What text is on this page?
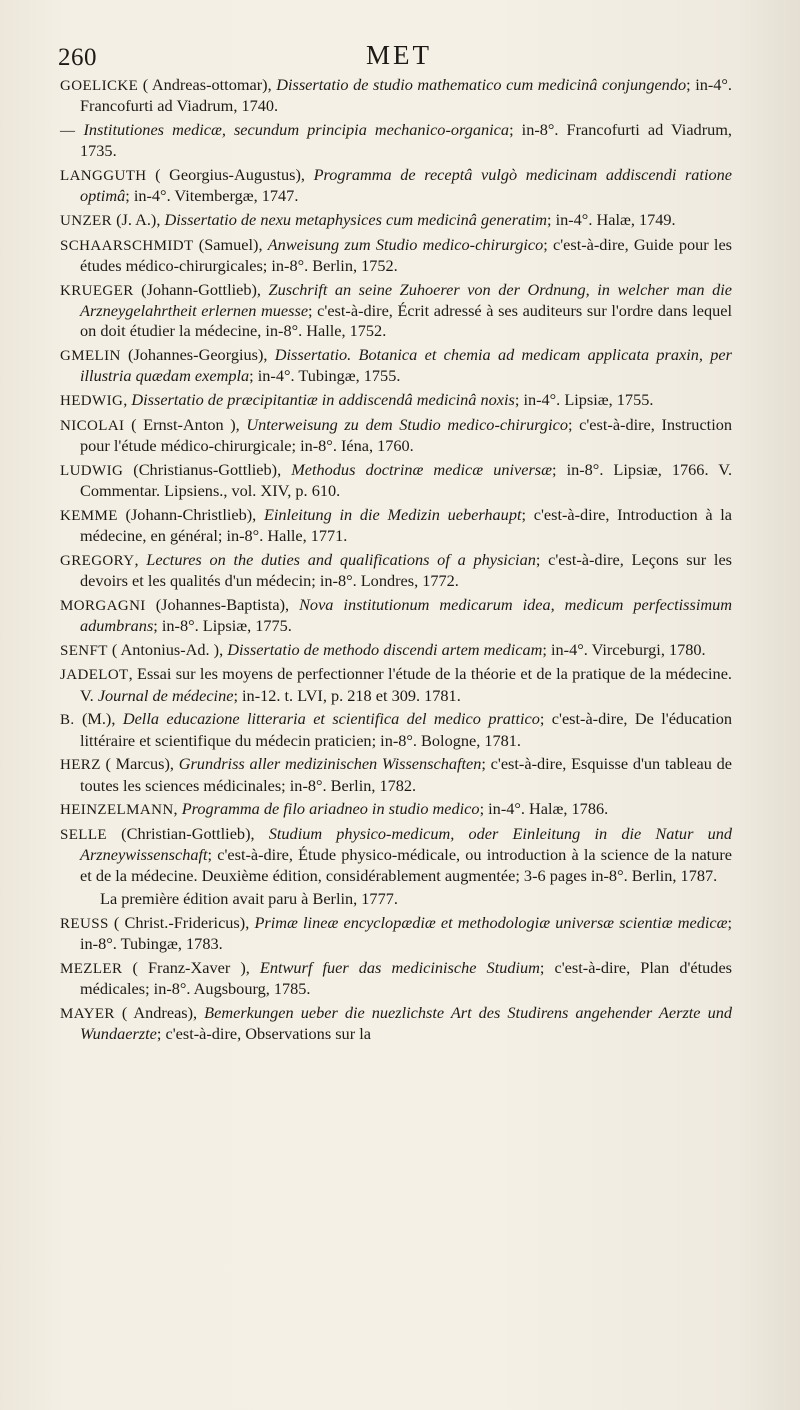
260	MET

GOELICKE ( Andreas-ottomar), Dissertatio de studio mathematico cum medicinâ conjungendo; in-4°. Francofurti ad Viadrum, 1740.

— Institutiones medicæ, secundum principia mechanico-organica; in-8°. Francofurti ad Viadrum, 1735.

LANGGUTH ( Georgius-Augustus), Programma de receptâ vulgò medicinam addiscendi ratione optimâ; in-4°. Vitembergæ, 1747.

UNZER (J. A.), Dissertatio de nexu metaphysices cum medicinâ generatim; in-4°. Halæ, 1749.

SCHAARSCHMIDT (Samuel), Anweisung zum Studio medico-chirurgico; c'est-à-dire, Guide pour les études médico-chirurgicales; in-8°. Berlin, 1752.

KRUEGER (Johann-Gottlieb), Zuschrift an seine Zuhoerer von der Ordnung, in welcher man die Arzneygelahrtheit erlernen muesse; c'est-à-dire, Écrit adressé à ses auditeurs sur l'ordre dans lequel on doit étudier la médecine, in-8°. Halle, 1752.

GMELIN (Johannes-Georgius), Dissertatio. Botanica et chemia ad medicam applicata praxin, per illustria quædam exempla; in-4°. Tubingæ, 1755.

HEDWIG, Dissertatio de præcipitantiæ in addiscendâ medicinâ noxis; in-4°. Lipsiæ, 1755.

NICOLAI ( Ernst-Anton ), Unterweisung zu dem Studio medico-chirurgico; c'est-à-dire, Instruction pour l'étude médico-chirurgicale; in-8°. Iéna, 1760.

LUDWIG (Christianus-Gottlieb), Methodus doctrinæ medicæ universæ; in-8°. Lipsiæ, 1766. V. Commentar. Lipsiens., vol. XIV, p. 610.

KEMME (Johann-Christlieb), Einleitung in die Medizin ueberhaupt; c'est-à-dire, Introduction à la médecine, en général; in-8°. Halle, 1771.

GREGORY, Lectures on the duties and qualifications of a physician; c'est-à-dire, Leçons sur les devoirs et les qualités d'un médecin; in-8°. Londres, 1772.

MORGAGNI (Johannes-Baptista), Nova institutionum medicarum idea, medicum perfectissimum adumbrans; in-8°. Lipsiæ, 1775.

SENFT ( Antonius-Ad. ), Dissertatio de methodo discendi artem medicam; in-4°. Virceburgi, 1780.

JADELOT, Essai sur les moyens de perfectionner l'étude de la théorie et de la pratique de la médecine. V. Journal de médecine; in-12. t. LVI, p. 218 et 309. 1781.

B. (M.), Della educazione litteraria et scientifica del medico prattico; c'est-à-dire, De l'éducation littéraire et scientifique du médecin praticien; in-8°. Bologne, 1781.

HERZ ( Marcus), Grundriss aller medizinischen Wissenschaften; c'est-à-dire, Esquisse d'un tableau de toutes les sciences médicinales; in-8°. Berlin, 1782.

HEINZELMANN, Programma de filo ariadneo in studio medico; in-4°. Halæ, 1786.

SELLE (Christian-Gottlieb), Studium physico-medicum, oder Einleitung in die Natur und Arzneywissenschaft; c'est-à-dire, Étude physico-médicale, ou introduction à la science de la nature et de la médecine. Deuxième édition, considérablement augmentée; 3-6 pages in-8°. Berlin, 1787.

La première édition avait paru à Berlin, 1777.

REUSS ( Christ.-Fridericus), Primæ lineæ encyclopædiæ et methodologiæ universæ scientiæ medicæ; in-8°. Tubingæ, 1783.

MEZLER ( Franz-Xaver ), Entwurf fuer das medicinische Studium; c'est-à-dire, Plan d'études médicales; in-8°. Augsbourg, 1785.

MAYER ( Andreas), Bemerkungen ueber die nuezlichste Art des Studirens angehender Aerzte und Wundaerzte; c'est-à-dire, Observations sur la
